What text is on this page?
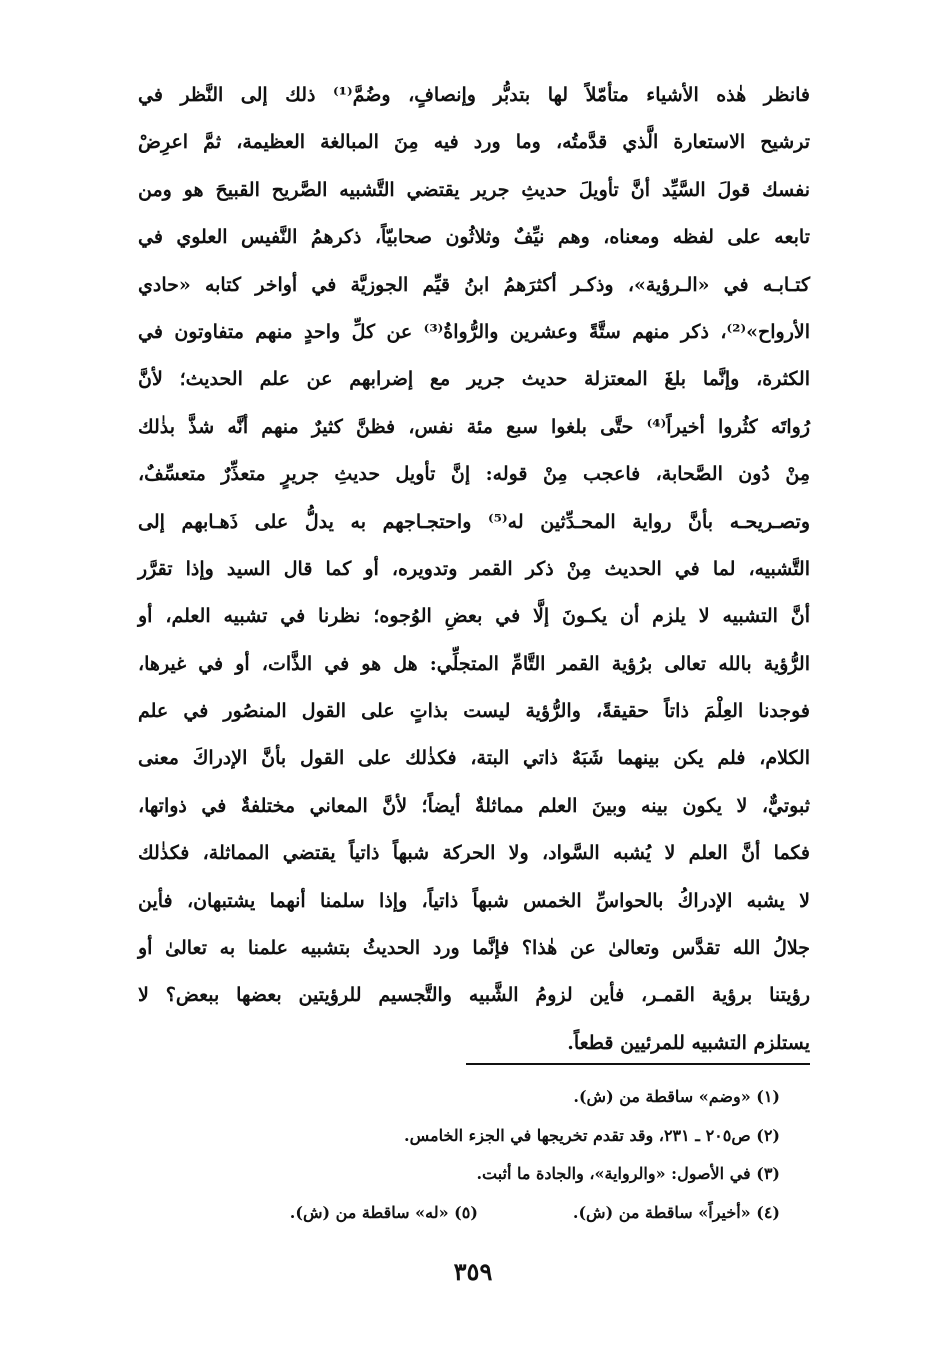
فانظر هٰذه الأشياء متأمّلاً لها بتدبُّر وإنصافٍ، وضُمَّ⁽¹⁾ ذلك إلى النَّظر في
ترشيح الاستعارة الَّذي قدَّمتُه، وما ورد فيه مِنَ المبالغة العظيمة، ثمَّ اعرِضْ
نفسك قولَ السَّيِّد أنَّ تأويلَ حديثِ جرير يقتضي التَّشبيه الصَّريح القبيحَ هو ومن
تابعه على لفظه ومعناه، وهم نيِّفٌ وثلاثُون صحابيّاً، ذكرهمُ النَّفيس العلوي في
كتـابـه في «الـرؤية»، وذكـر أكثرَهمُ ابنُ قيِّم الجوزيَّة في أواخر كتابه «حادي
الأرواح»⁽²⁾، ذكر منهم ستَّةً وعشرين والرُّواةُ⁽³⁾ عن كلِّ واحدٍ منهم متفاوتون في
الكثرة، وإنَّما بلغَ المعتزلة حديث جرير مع إضرابهم عن علم الحديث؛ لأنَّ
رُواتَه كثُروا أخيراً⁽⁴⁾ حتَّى بلغوا سبع مئة نفس، فظنَّ كثيرٌ منهم أنَّه شذَّ بذٰلك
مِنْ دُون الصَّحابة، فاعجب مِنْ قوله: إنَّ تأويل حديثِ جريرٍ متعذِّرٌ متعسِّفٌ،
وتصـريحـه بأنَّ رواية المحـدِّثين له⁽⁵⁾ واحتجـاجهم به يدلُّ على ذَهـابهم إلى
التَّشبيه، لما في الحديث مِنْ ذكر القمر وتدويره، أو كما قال السيد وإذا تقرَّر
أنَّ التشبيه لا يلزم أن يكـونَ إلَّا في بعضِ الوُجوه؛ نظرنا في تشبيه العلم، أو
الرُّؤية بالله تعالى برُؤية القمر التَّامِّ المتجلِّي: هل هو في الذَّات، أو في غيرها،
فوجدنا العِلْمَ ذاتاً حقيقةً، والرُّؤية ليست بذاتٍ على القول المنصُور في علم
الكلام، فلم يكن بينهما شَبَهٌ ذاتي البتة، فكذٰلك على القول بأنَّ الإدراكَ معنى
ثبوتيٌّ، لا يكون بينه وبينَ العلم مماثلةٌ أيضاً؛ لأنَّ المعاني مختلفةٌ في ذواتها،
فكما أنَّ العلم لا يُشبه السَّواد، ولا الحركة شبهاً ذاتياً يقتضي المماثلة، فكذٰلك
لا يشبه الإدراكُ بالحواسِّ الخمس شبهاً ذاتياً، وإذا سلمنا أنهما يشتبهان، فأين
جلالُ الله تقدَّس وتعالىٰ عن هٰذا؟ فإنَّما ورد الحديثُ بتشبيه علمنا به تعالىٰ أو
رؤيتنا برؤية القمـر، فأين لزومُ الشَّبيه والتَّجسيم للرؤيتين بعضها ببعض؟ لا
يستلزم التشبيه للمرئيين قطعاً.
(١) «وضم» ساقطة من (ش).
(٢) ص٢٠٥ ـ ٢٣١، وقد تقدم تخريجها في الجزء الخامس.
(٣) في الأصول: «والرواية»، والجادة ما أثبت.
(٤) «أخيراً» ساقطة من (ش).
(٥) «له» ساقطة من (ش).
٣٥٩
